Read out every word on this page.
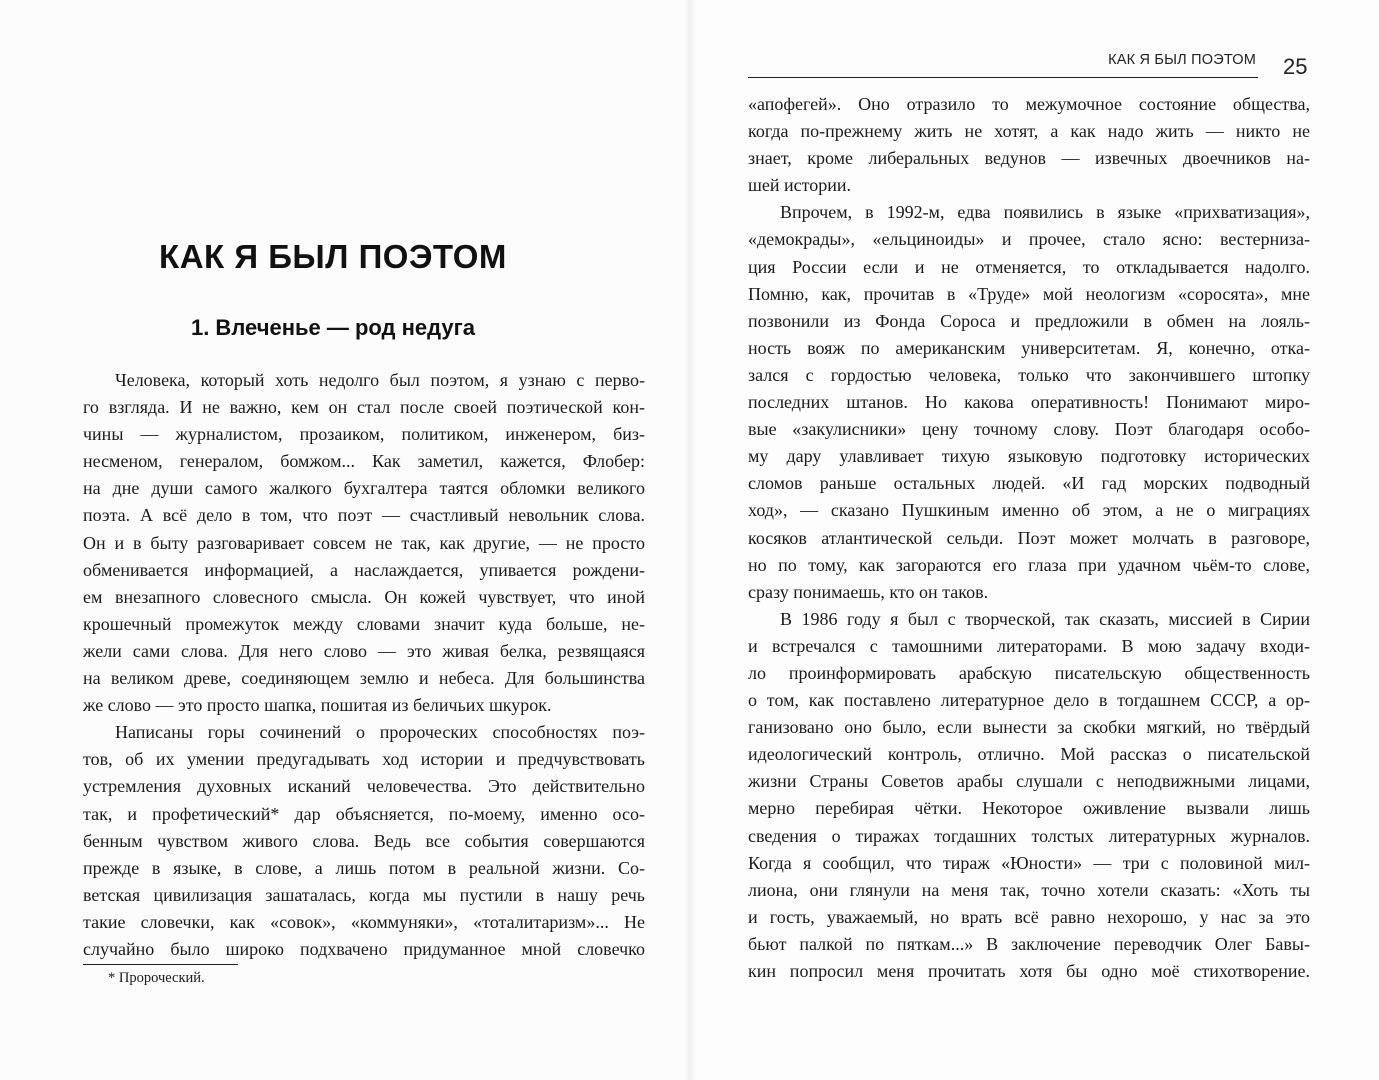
КАК Я БЫЛ ПОЭТОМ
1. Влеченье — род недуга
Человека, который хоть недолго был поэтом, я узнаю с перво-
го взгляда. И не важно, кем он стал после своей поэтической кон-
чины — журналистом, прозаиком, политиком, инженером, биз-
несменом, генералом, бомжом... Как заметил, кажется, Флобер:
на дне души самого жалкого бухгалтера таятся обломки великого
поэта. А всё дело в том, что поэт — счастливый невольник слова.
Он и в быту разговаривает совсем не так, как другие, — не просто
обменивается информацией, а наслаждается, упивается рождени-
ем внезапного словесного смысла. Он кожей чувствует, что иной
крошечный промежуток между словами значит куда больше, не-
жели сами слова. Для него слово — это живая белка, резвящаяся
на великом древе, соединяющем землю и небеса. Для большинства
же слово — это просто шапка, пошитая из беличьих шкурок.
Написаны горы сочинений о пророческих способностях поэ-
тов, об их умении предугадывать ход истории и предчувствовать
устремления духовных исканий человечества. Это действительно
так, и профетический* дар объясняется, по-моему, именно осо-
бенным чувством живого слова. Ведь все события совершаются
прежде в языке, в слове, а лишь потом в реальной жизни. Со-
ветская цивилизация зашаталась, когда мы пустили в нашу речь
такие словечки, как «совок», «коммуняки», «тоталитаризм»... Не
случайно было широко подхвачено придуманное мной словечко
* Пророческий.
КАК Я БЫЛ ПОЭТОМ 25
«апофегей». Оно отразило то межумочное состояние общества,
когда по-прежнему жить не хотят, а как надо жить — никто не
знает, кроме либеральных ведунов — извечных двоечников на-
шей истории.
Впрочем, в 1992-м, едва появились в языке «прихватизация»,
«демокрады», «ельциноиды» и прочее, стало ясно: вестерниза-
ция России если и не отменяется, то откладывается надолго.
Помню, как, прочитав в «Труде» мой неологизм «соросята», мне
позвонили из Фонда Сороса и предложили в обмен на лояль-
ность вояж по американским университетам. Я, конечно, отка-
зался с гордостью человека, только что закончившего штопку
последних штанов. Но какова оперативность! Понимают миро-
вые «закулисники» цену точному слову. Поэт благодаря особо-
му дару улавливает тихую языковую подготовку исторических
сломов раньше остальных людей. «И гад морских подводный
ход», — сказано Пушкиным именно об этом, а не о миграциях
косяков атлантической сельди. Поэт может молчать в разговоре,
но по тому, как загораются его глаза при удачном чьём-то слове,
сразу понимаешь, кто он таков.
В 1986 году я был с творческой, так сказать, миссией в Сирии
и встречался с тамошними литераторами. В мою задачу входи-
ло проинформировать арабскую писательскую общественность
о том, как поставлено литературное дело в тогдашнем СССР, а ор-
ганизовано оно было, если вынести за скобки мягкий, но твёрдый
идеологический контроль, отлично. Мой рассказ о писательской
жизни Страны Советов арабы слушали с неподвижными лицами,
мерно перебирая чётки. Некоторое оживление вызвали лишь
сведения о тиражах тогдашних толстых литературных журналов.
Когда я сообщил, что тираж «Юности» — три с половиной мил-
лиона, они глянули на меня так, точно хотели сказать: «Хоть ты
и гость, уважаемый, но врать всё равно нехорошо, у нас за это
бьют палкой по пяткам...» В заключение переводчик Олег Бавы-
кин попросил меня прочитать хотя бы одно моё стихотворение.
